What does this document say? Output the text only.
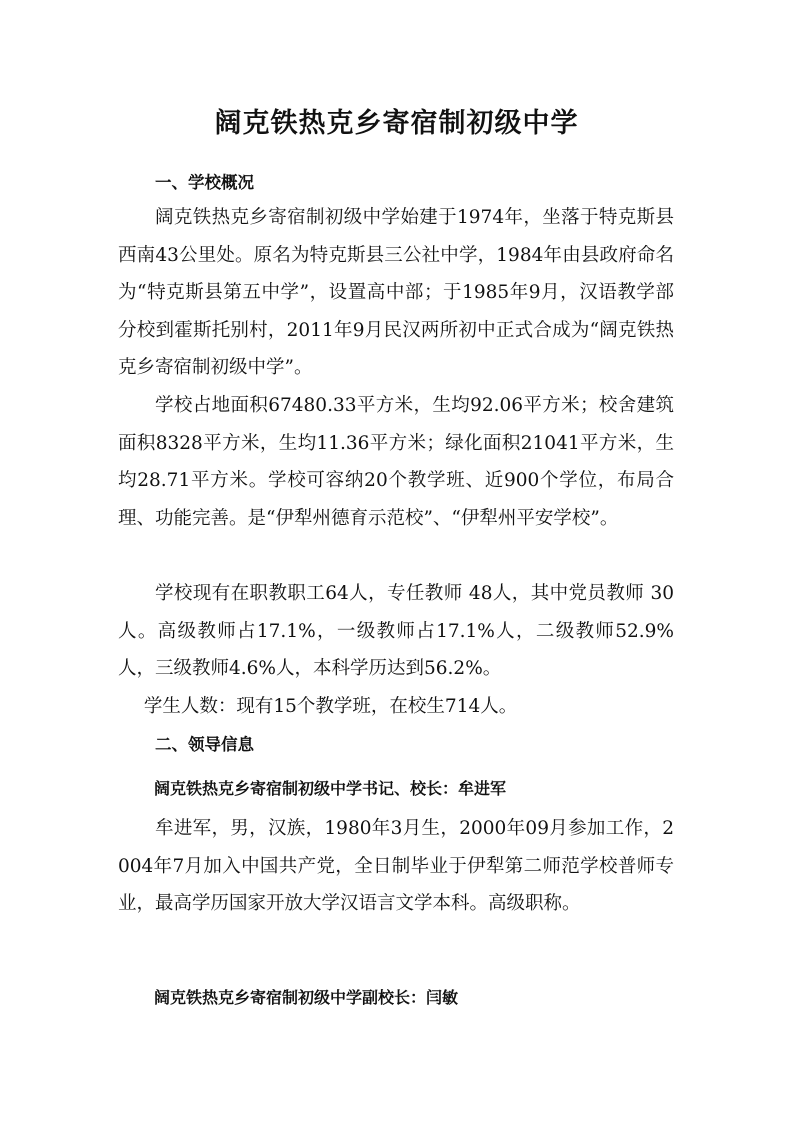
阔克铁热克乡寄宿制初级中学
一、学校概况

阔克铁热克乡寄宿制初级中学始建于1974年，坐落于特克斯县西南43公里处。原名为特克斯县三公社中学，1984年由县政府命名为“特克斯县第五中学”，设置高中部；于1985年9月，汉语教学部分校到霍斯托别村，2011年9月民汉两所初中正式合成为“阔克铁热克乡寄宿制初级中学”。

学校占地面积67480.33平方米，生均92.06平方米；校舍建筑面积8328平方米，生均11.36平方米；绿化面积21041平方米，生均28.71平方米。学校可容纳20个教学班、近900个学位，布局合理、功能完善。是“伊犁州德育示范校”、“伊犁州平安学校”。

学校现有在职教职工64人，专任教师 48人，其中党员教师 30人。高级教师占17.1%，一级教师占17.1%人，二级教师52.9%人，三级教师4.6%人，本科学历达到56.2%。

学生人数：现有15个教学班，在校生714人。

二、领导信息
阔克铁热克乡寄宿制初级中学书记、校长：牟进军

牟进军，男，汉族，1980年3月生，2000年09月参加工作，2004年7月加入中国共产党，全日制毕业于伊犁第二师范学校普师专业，最高学历国家开放大学汉语言文学本科。高级职称。

阔克铁热克乡寄宿制初级中学副校长：闫敏
